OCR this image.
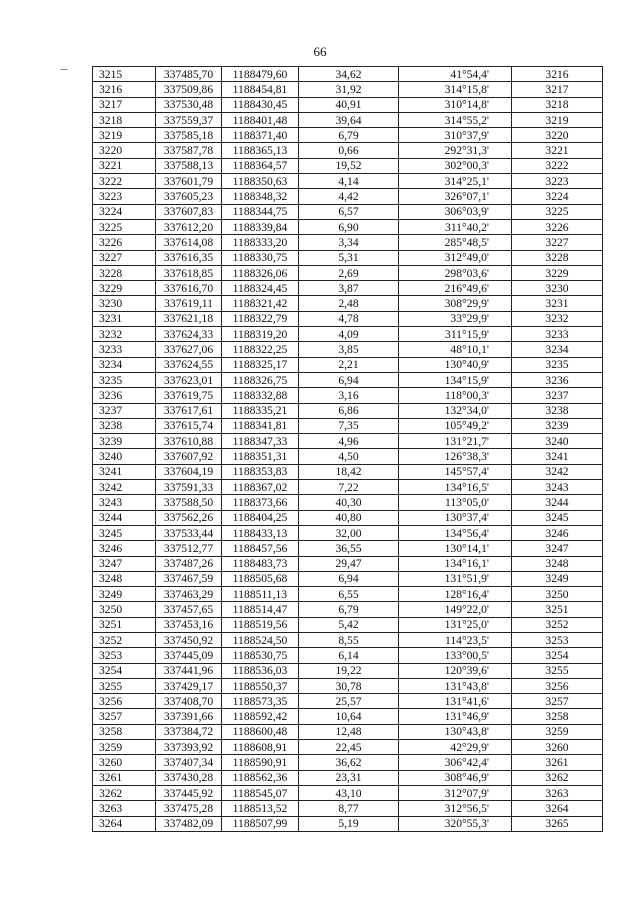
66
3215	337485,70	1188479,60	34,62	41°54,4'	3216
3216	337509,86	1188454,81	31,92	314°15,8'	3217
3217	337530,48	1188430,45	40,91	310°14,8'	3218
3218	337559,37	1188401,48	39,64	314°55,2'	3219
3219	337585,18	1188371,40	6,79	310°37,9'	3220
3220	337587,78	1188365,13	0,66	292°31,3'	3221
3221	337588,13	1188364,57	19,52	302°00,3'	3222
3222	337601,79	1188350,63	4,14	314°25,1'	3223
3223	337605,23	1188348,32	4,42	326°07,1'	3224
3224	337607,83	1188344,75	6,57	306°03,9'	3225
3225	337612,20	1188339,84	6,90	311°40,2'	3226
3226	337614,08	1188333,20	3,34	285°48,5'	3227
3227	337616,35	1188330,75	5,31	312°49,0'	3228
3228	337618,85	1188326,06	2,69	298°03,6'	3229
3229	337616,70	1188324,45	3,87	216°49,6'	3230
3230	337619,11	1188321,42	2,48	308°29,9'	3231
3231	337621,18	1188322,79	4,78	33°29,9'	3232
3232	337624,33	1188319,20	4,09	311°15,9'	3233
3233	337627,06	1188322,25	3,85	48°10,1'	3234
3234	337624,55	1188325,17	2,21	130°40,9'	3235
3235	337623,01	1188326,75	6,94	134°15,9'	3236
3236	337619,75	1188332,88	3,16	118°00,3'	3237
3237	337617,61	1188335,21	6,86	132°34,0'	3238
3238	337615,74	1188341,81	7,35	105°49,2'	3239
3239	337610,88	1188347,33	4,96	131°21,7'	3240
3240	337607,92	1188351,31	4,50	126°38,3'	3241
3241	337604,19	1188353,83	18,42	145°57,4'	3242
3242	337591,33	1188367,02	7,22	134°16,5'	3243
3243	337588,50	1188373,66	40,30	113°05,0'	3244
3244	337562,26	1188404,25	40,80	130°37,4'	3245
3245	337533,44	1188433,13	32,00	134°56,4'	3246
3246	337512,77	1188457,56	36,55	130°14,1'	3247
3247	337487,26	1188483,73	29,47	134°16,1'	3248
3248	337467,59	1188505,68	6,94	131°51,9'	3249
3249	337463,29	1188511,13	6,55	128°16,4'	3250
3250	337457,65	1188514,47	6,79	149°22,0'	3251
3251	337453,16	1188519,56	5,42	131°25,0'	3252
3252	337450,92	1188524,50	8,55	114°23,5'	3253
3253	337445,09	1188530,75	6,14	133°00,5'	3254
3254	337441,96	1188536,03	19,22	120°39,6'	3255
3255	337429,17	1188550,37	30,78	131°43,8'	3256
3256	337408,70	1188573,35	25,57	131°41,6'	3257
3257	337391,66	1188592,42	10,64	131°46,9'	3258
3258	337384,72	1188600,48	12,48	130°43,8'	3259
3259	337393,92	1188608,91	22,45	42°29,9'	3260
3260	337407,34	1188590,91	36,62	306°42,4'	3261
3261	337430,28	1188562,36	23,31	308°46,9'	3262
3262	337445,92	1188545,07	43,10	312°07,9'	3263
3263	337475,28	1188513,52	8,77	312°56,5'	3264
3264	337482,09	1188507,99	5,19	320°55,3'	3265
